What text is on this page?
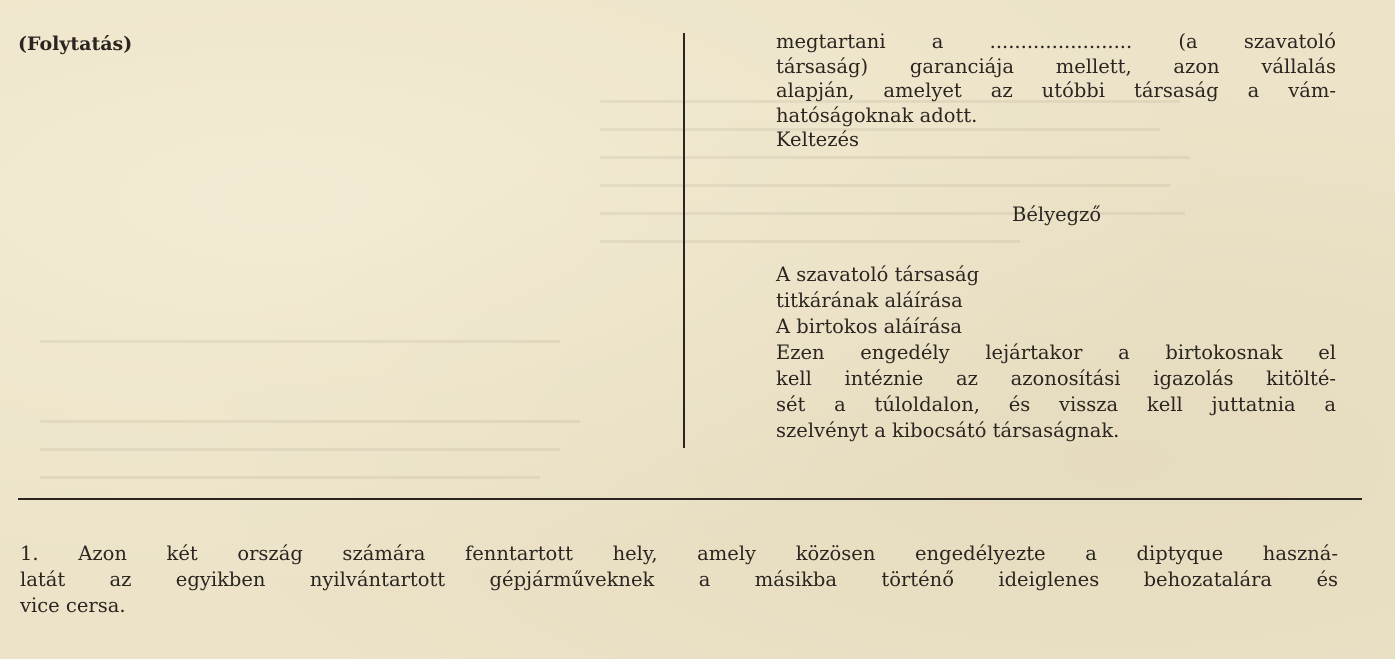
(Folytatás)	megtartani a ....................... (a szavatoló
társaság) garanciája mellett, azon vállalás
alapján, amelyet az utóbbi társaság a vám-
hatóságoknak adott.
Keltezés
Bélyegző
A szavatoló társaság
titkárának aláírása
A birtokos aláírása
Ezen engedély lejártakor a birtokosnak el
kell intéznie az azonosítási igazolás kitölté-
sét a túloldalon, és vissza kell juttatnia a
szelvényt a kibocsátó társaságnak.
1. Azon két ország számára fenntartott hely, amely közösen engedélyezte a diptyque haszná-
latát az egyikben nyilvántartott gépjárműveknek a másikba történő ideiglenes behozatalára és
vice cersa.
